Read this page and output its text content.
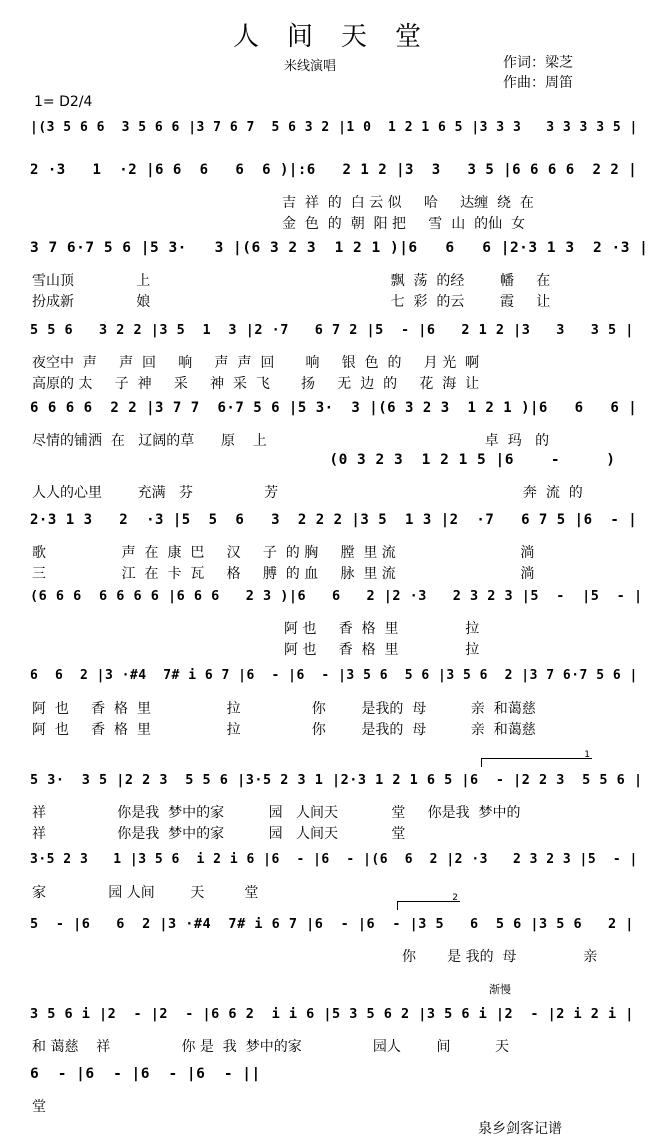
人间天堂
米线演唱	作词：梁芝
作曲：周笛
1= D2/4
|(3 5 6 6  3 5 6 6 |3 7 6 7  5 6 3 2 |1 0  1 2 1 6 5 |3 3 3   3 3 3 3 5 |
2 ·3   1  ·2 |6 6  6   6  6 )|:6   2 1 2 |3  3   3 5 |6 6 6 6  2 2 |
吉  祥  的  白 云 似     哈     达缠  绕  在
金  色  的  朝  阳 把     雪  山  的仙  女
3 7 6·7 5 6 |5 3·   3 |(6 3 2 3  1 2 1 )|6   6   6 |2·3 1 3  2 ·3 |
雪山顶              上                                                      飘  荡  的经        幡     在
扮成新              娘                                                      七  彩  的云        霞     让
5 5 6   3 2 2 |3 5  1  3 |2 ·7   6 7 2 |5  - |6   2 1 2 |3   3   3 5 |
夜空中  声     声  回     响     声  声  回       响     银  色  的     月 光  啊
高原的 太     子  神     采     神  采  飞       扬     无  边  的     花  海  让
6 6 6 6  2 2 |3 7 7  6·7 5 6 |5 3·  3 |(6 3 2 3  1 2 1 )|6   6   6 |
尽情的铺洒  在   辽阔的草      原    上                                                 卓  玛   的
(0 3 2 3  1 2 1 5 |6    -     )
人人的心里        充满   芬                芳                                                       奔  流  的
2·3 1 3   2  ·3 |5  5  6   3  2 2 2 |3 5  1 3 |2  ·7   6 7 5 |6  - |
歌                 声  在  康  巴     汉     子  的 胸     膛  里 流                            淌
三                 江  在  卡  瓦     格     膊  的 血     脉  里 流                            淌
(6 6 6  6 6 6 6 |6 6 6   2 3 )|6   6   2 |2 ·3   2 3 2 3 |5  -  |5  - |
阿 也     香  格  里               拉
阿 也     香  格  里               拉
6  6  2 |3 ·#4  7# i 6 7 |6  - |6  - |3 5 6  5 6 |3 5 6  2 |3 7 6·7 5 6 |
阿  也     香  格  里                 拉                你        是我的  母          亲  和蔼慈
阿  也     香  格  里                 拉                你        是我的  母          亲  和蔼慈
5 3·  3 5 |2 2 3  5 5 6 |3·5 2 3 1 |2·3 1 2 1 6 5 |6  - |2 2 3  5 5 6 |
祥                你是我  梦中的家          园   人间天            堂     你是我  梦中的
祥                你是我  梦中的家          园   人间天            堂
3·5 2 3   1 |3 5 6  i 2 i 6 |6  - |6  - |(6  6  2 |2 ·3   2 3 2 3 |5  - |
家              园 人间        天         堂
5  - |6   6  2 |3 ·#4  7# i 6 7 |6  - |6  - |3 5   6  5 6 |3 5 6   2 |
你       是 我的  母               亲
3 5 6 i |2  - |2  - |6 6 2  i i 6 |5 3 5 6 2 |3 5 6 i |2  - |2 i 2 i |
和 蔼慈    祥                你 是  我  梦中的家                园人        间          天
6  - |6  - |6  - |6  - ||
堂
1
2
渐慢
泉乡剑客记谱
